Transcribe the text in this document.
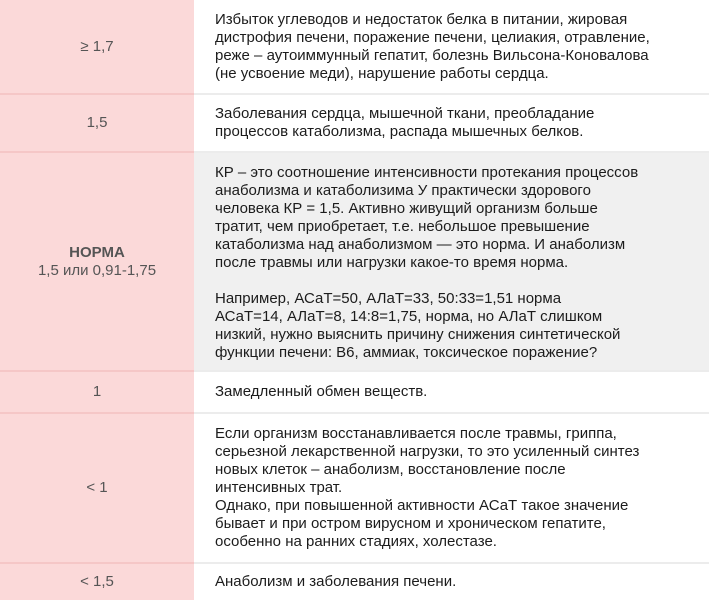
≥ 1,7
Избыток углеводов и недостаток белка в питании, жировая
дистрофия печени, поражение печени, целиакия, отравление,
реже – аутоиммунный гепатит, болезнь Вильсона-Коновалова
(не усвоение меди), нарушение работы сердца.
1,5
Заболевания сердца, мышечной ткани, преобладание
процессов катаболизма, распада мышечных белков.
НОРМА
1,5 или 0,91-1,75
КР – это соотношение интенсивности протекания процессов
анаболизма и катаболизима У практически здорового
человека КР = 1,5. Активно живущий организм больше
тратит, чем приобретает, т.е. небольшое превышение
катаболизма над анаболизмом — это норма. И анаболизм
после травмы или нагрузки какое-то время норма.

Например, АСаТ=50, АЛаТ=33, 50:33=1,51 норма
АСаТ=14, АЛаТ=8, 14:8=1,75, норма, но АЛаТ слишком
низкий, нужно выяснить причину снижения синтетической
функции печени: В6, аммиак, токсическое поражение?
1	Замедленный обмен веществ.
< 1
Если организм восстанавливается после травмы, гриппа,
серьезной лекарственной нагрузки, то это усиленный синтез
новых клеток – анаболизм, восстановление после
интенсивных трат.
Однако, при повышенной активности АСаТ такое значение
бывает и при остром вирусном и хроническом гепатите,
особенно на ранних стадиях, холестазе.
< 1,5	Анаболизм и заболевания печени.
